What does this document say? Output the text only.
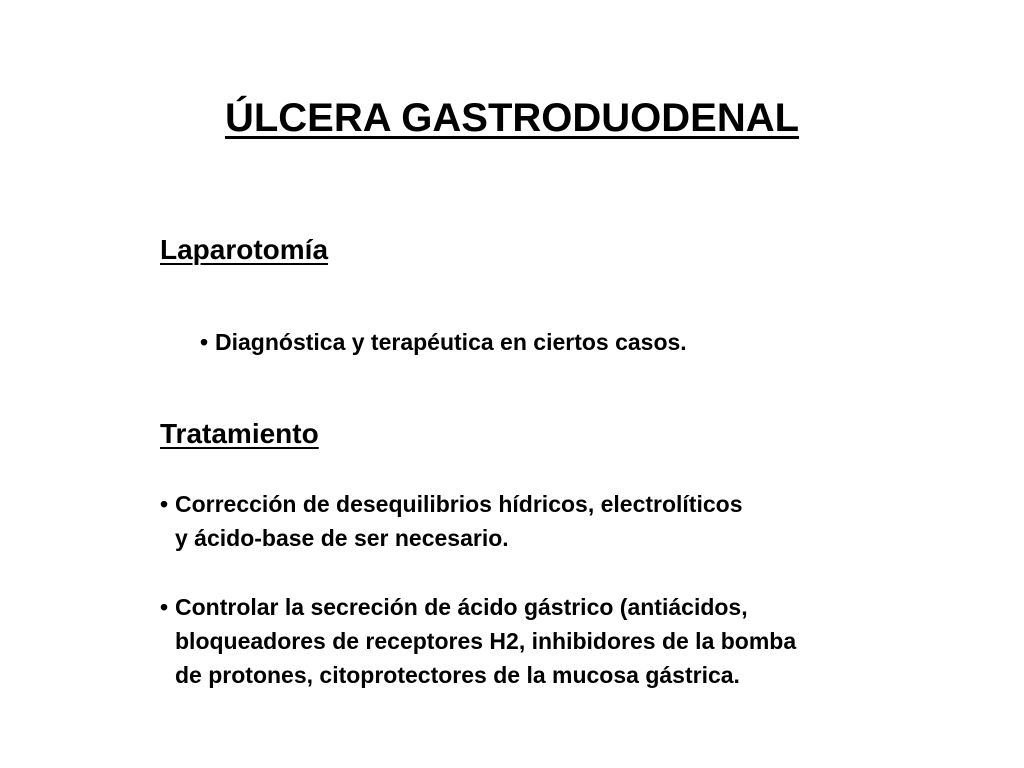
ÚLCERA GASTRODUODENAL
Laparotomía

• Diagnóstica y terapéutica en ciertos casos.

Tratamiento

• Corrección de desequilibrios hídricos, electrolíticos
y ácido-base de ser necesario.

• Controlar la secreción de ácido gástrico (antiácidos,
bloqueadores de receptores H2, inhibidores de la bomba
de protones, citoprotectores de la mucosa gástrica.
